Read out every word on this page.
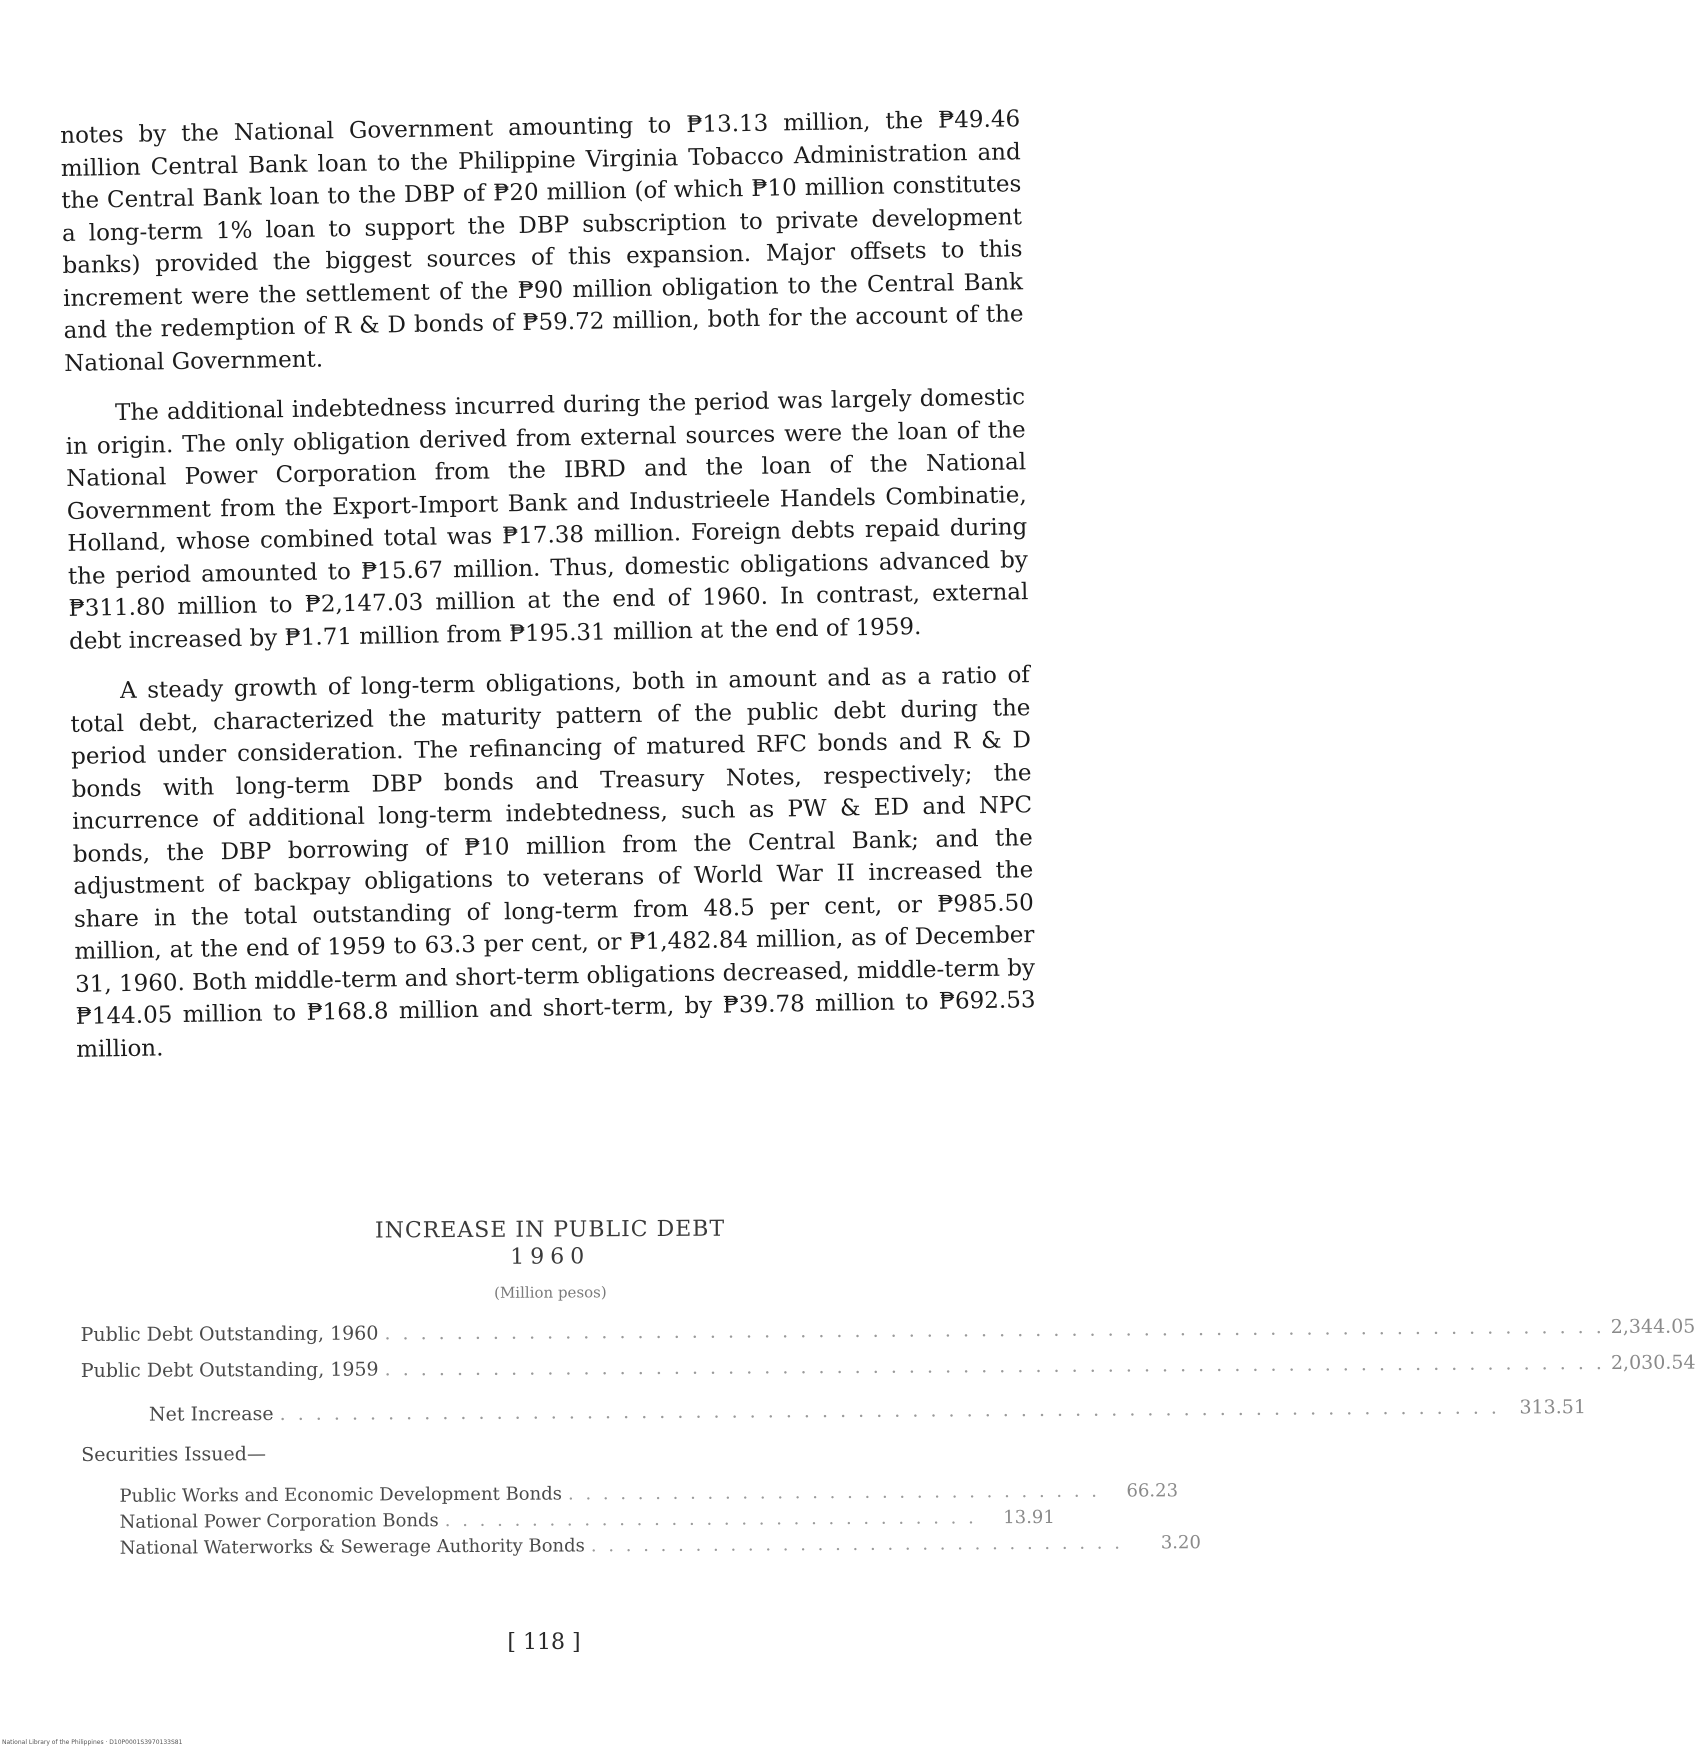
notes by the National Government amounting to ₱13.13 million, the ₱49.46 million Central Bank loan to the Philippine Virginia Tobacco Administration and the Central Bank loan to the DBP of ₱20 million (of which ₱10 million constitutes a long-term 1% loan to support the DBP subscription to private development banks) provided the biggest sources of this expansion. Major offsets to this increment were the settlement of the ₱90 million obligation to the Central Bank and the redemption of R & D bonds of ₱59.72 million, both for the account of the National Government.

The additional indebtedness incurred during the period was largely domestic in origin. The only obligation derived from external sources were the loan of the National Power Corporation from the IBRD and the loan of the National Government from the Export-Import Bank and Industrieele Handels Combinatie, Holland, whose combined total was ₱17.38 million. Foreign debts repaid during the period amounted to ₱15.67 million. Thus, domestic obligations advanced by ₱311.80 million to ₱2,147.03 million at the end of 1960. In contrast, external debt increased by ₱1.71 million from ₱195.31 million at the end of 1959.

A steady growth of long-term obligations, both in amount and as a ratio of total debt, characterized the maturity pattern of the public debt during the period under consideration. The refinancing of matured RFC bonds and R & D bonds with long-term DBP bonds and Treasury Notes, respectively; the incurrence of additional long-term indebtedness, such as PW & ED and NPC bonds, the DBP borrowing of ₱10 million from the Central Bank; and the adjustment of backpay obligations to veterans of World War II increased the share in the total outstanding of long-term from 48.5 per cent, or ₱985.50 million, at the end of 1959 to 63.3 per cent, or ₱1,482.84 million, as of December 31, 1960. Both middle-term and short-term obligations decreased, middle-term by ₱144.05 million to ₱168.8 million and short-term, by ₱39.78 million to ₱692.53 million.

INCREASE IN PUBLIC DEBT

1960

(Million pesos)

Public Debt Outstanding, 1960 . . . . . . . . . . . . . . . . . . . . . . . . . . . . . . . . . . . . . . . . . . . . . . . . . . . . . . . . . . . . . . . . . . . . 2,344.05
Public Debt Outstanding, 1959 . . . . . . . . . . . . . . . . . . . . . . . . . . . . . . . . . . . . . . . . . . . . . . . . . . . . . . . . . . . . . . . . . . . . 2,030.54
Net Increase . . . . . . . . . . . . . . . . . . . . . . . . . . . . . . . . . . . . . . . . . . . . . . . . . . . . . . . . . . . . . . . . . . . .	313.51
Securities Issued—
Public Works and Economic Development Bonds . . . . . . . . . . . . . . . . . . . . . . . . . . . . . . .	66.23
National Power Corporation Bonds . . . . . . . . . . . . . . . . . . . . . . . . . . . . . . .	13.91
National Waterworks & Sewerage Authority Bonds . . . . . . . . . . . . . . . . . . . . . . . . . . . . . . .	3.20
[ 118 ]
National Library of the Philippines · D10P0001S3970133S81
